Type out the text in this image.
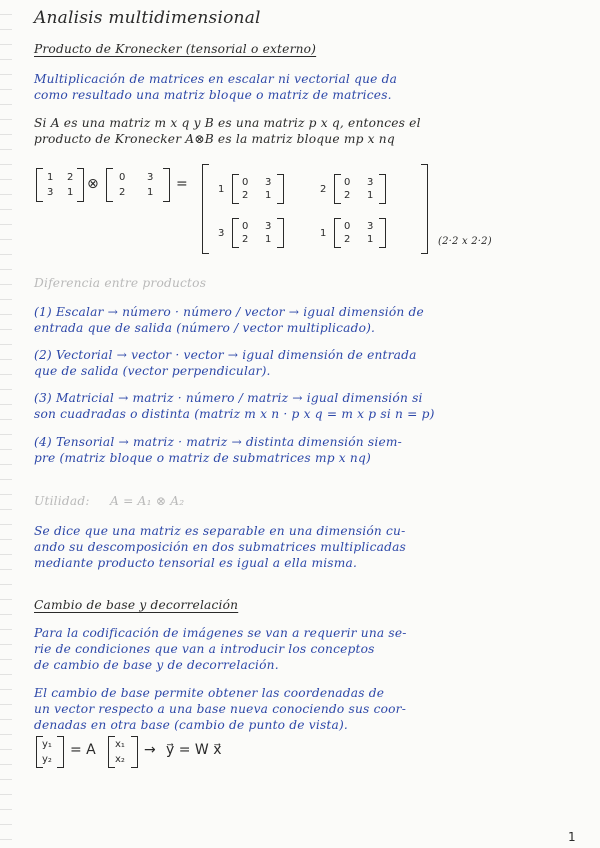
Analisis multidimensional
Producto de Kronecker (tensorial o externo)
Multiplicación de matrices en escalar ni vectorial que da
como resultado una matriz bloque o matriz de matrices.
Si A es una matriz m x q y B es una matriz p x q, entonces el
producto de Kronecker A⊗B es la matriz bloque mp x nq
1 2
3 1
⊗ 0 3
2 1
=	1
0 3
2 1
2
0 3
2 1
3
0 3
2 1
1
0 3
2 1	(2·2 x 2·2)
Diferencia entre productos
(1) Escalar → número · número / vector → igual dimensión de
entrada que de salida (número / vector multiplicado).
(2) Vectorial → vector · vector → igual dimensión de entrada
que de salida (vector perpendicular).
(3) Matricial → matriz · número / matriz → igual dimensión si
son cuadradas o distinta (matriz m x n · p x q = m x p si n = p)
(4) Tensorial → matriz · matriz → distinta dimensión siem-
pre (matriz bloque o matriz de submatrices mp x nq)
Utilidad: A = A₁ ⊗ A₂
Se dice que una matriz es separable en una dimensión cu-
ando su descomposición en dos submatrices multiplicadas
mediante producto tensorial es igual a ella misma.
Cambio de base y decorrelación
Para la codificación de imágenes se van a requerir una se-
rie de condiciones que van a introducir los conceptos
de cambio de base y de decorrelación.
El cambio de base permite obtener las coordenadas de
un vector respecto a una base nueva conociendo sus coor-
denadas en otra base (cambio de punto de vista).
y₁
y₂
= A x₁
x₂
→ y⃗ = W x⃗
1
